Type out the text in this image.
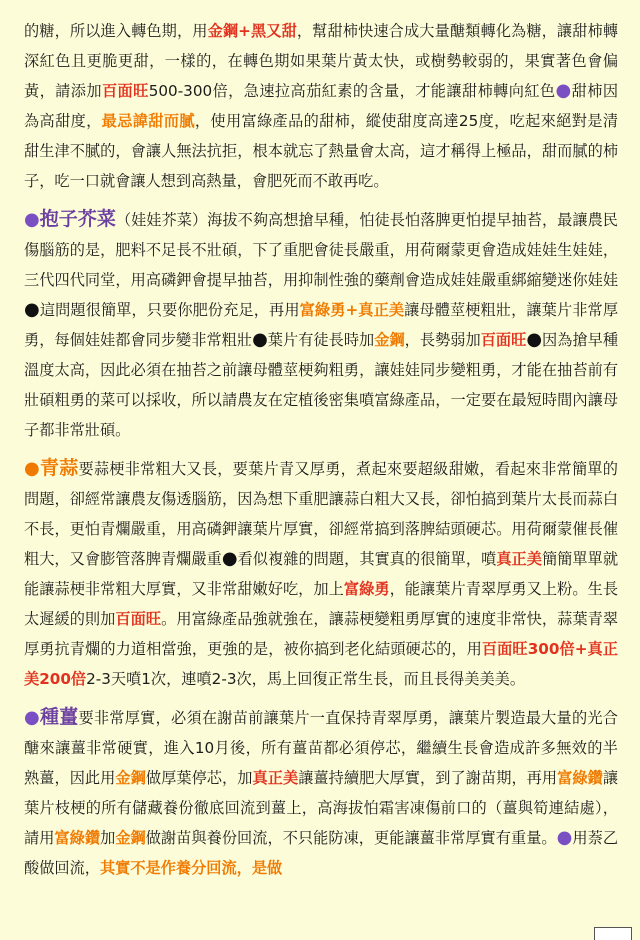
的糖，所以進入轉色期，用金鋼+黑又甜，幫甜柿快速合成大量醣類轉化為糖，讓甜柿轉深紅色且更脆更甜，一樣的，在轉色期如果葉片黃太快，或樹勢較弱的，果實著色會偏黃，請添加百面旺500-300倍，急速拉高茄紅素的含量，才能讓甜柿轉向紅色●甜柿因為高甜度，最忌諱甜而膩，使用富綠產品的甜柿，縱使甜度高達25度，吃起來絕對是清甜生津不膩的，會讓人無法抗拒，根本就忘了熱量會太高，這才稱得上極品，甜而膩的柿子，吃一口就會讓人想到高熱量，會肥死而不敢再吃。

●抱子芥菜（娃娃芥菜）海拔不夠高想搶早種，怕徒長怕落脾更怕提早抽苔，最讓農民傷腦筋的是，肥料不足長不壯碩，下了重肥會徒長嚴重，用荷爾蒙更會造成娃娃生娃娃，三代四代同堂，用高磷鉀會提早抽苔，用抑制性強的藥劑會造成娃娃嚴重綁縮變迷你娃娃●這問題很簡單，只要你肥份充足，再用富綠勇+真正美讓母體莖梗粗壯，讓葉片非常厚勇，每個娃娃都會同步變非常粗壯●葉片有徒長時加金鋼，長勢弱加百面旺●因為搶早種溫度太高，因此必須在抽苔之前讓母體莖梗夠粗勇，讓娃娃同步變粗勇，才能在抽苔前有壯碩粗勇的菜可以採收，所以請農友在定植後密集噴富綠產品，一定要在最短時間內讓母子都非常壯碩。

●青蒜要蒜梗非常粗大又長，要葉片青又厚勇，煮起來要超級甜嫩，看起來非常簡單的問題，卻經常讓農友傷透腦筋，因為想下重肥讓蒜白粗大又長，卻怕搞到葉片太長而蒜白不長，更怕青爛嚴重，用高磷鉀讓葉片厚實，卻經常搞到落脾結頭硬芯。用荷爾蒙催長催粗大，又會膨管落脾青爛嚴重●看似複雜的問題，其實真的很簡單，噴真正美簡簡單單就能讓蒜梗非常粗大厚實，又非常甜嫩好吃，加上富綠勇，能讓葉片青翠厚勇又上粉。生長太遲緩的則加百面旺。用富綠產品強就強在，讓蒜梗變粗勇厚實的速度非常快，蒜葉青翠厚勇抗青爛的力道相當強，更強的是，被你搞到老化結頭硬芯的，用百面旺300倍+真正美200倍2-3天噴1次，連噴2-3次，馬上回復正常生長，而且長得美美美。

●種薑要非常厚實，必須在謝苗前讓葉片一直保持青翠厚勇，讓葉片製造最大量的光合醣來讓薑非常硬實，進入10月後，所有薑苗都必須停芯，繼續生長會造成許多無效的半熟薑，因此用金鋼做厚葉停芯，加真正美讓薑持續肥大厚實，到了謝苗期，再用富綠鑽讓葉片枝梗的所有儲藏養份徹底回流到薑上，高海拔怕霜害凍傷前口的（薑與筍連結處），請用富綠鑽加金鋼做謝苗與養份回流，不只能防凍，更能讓薑非常厚實有重量。●用萘乙酸做回流，其實不是作養分回流，是做
